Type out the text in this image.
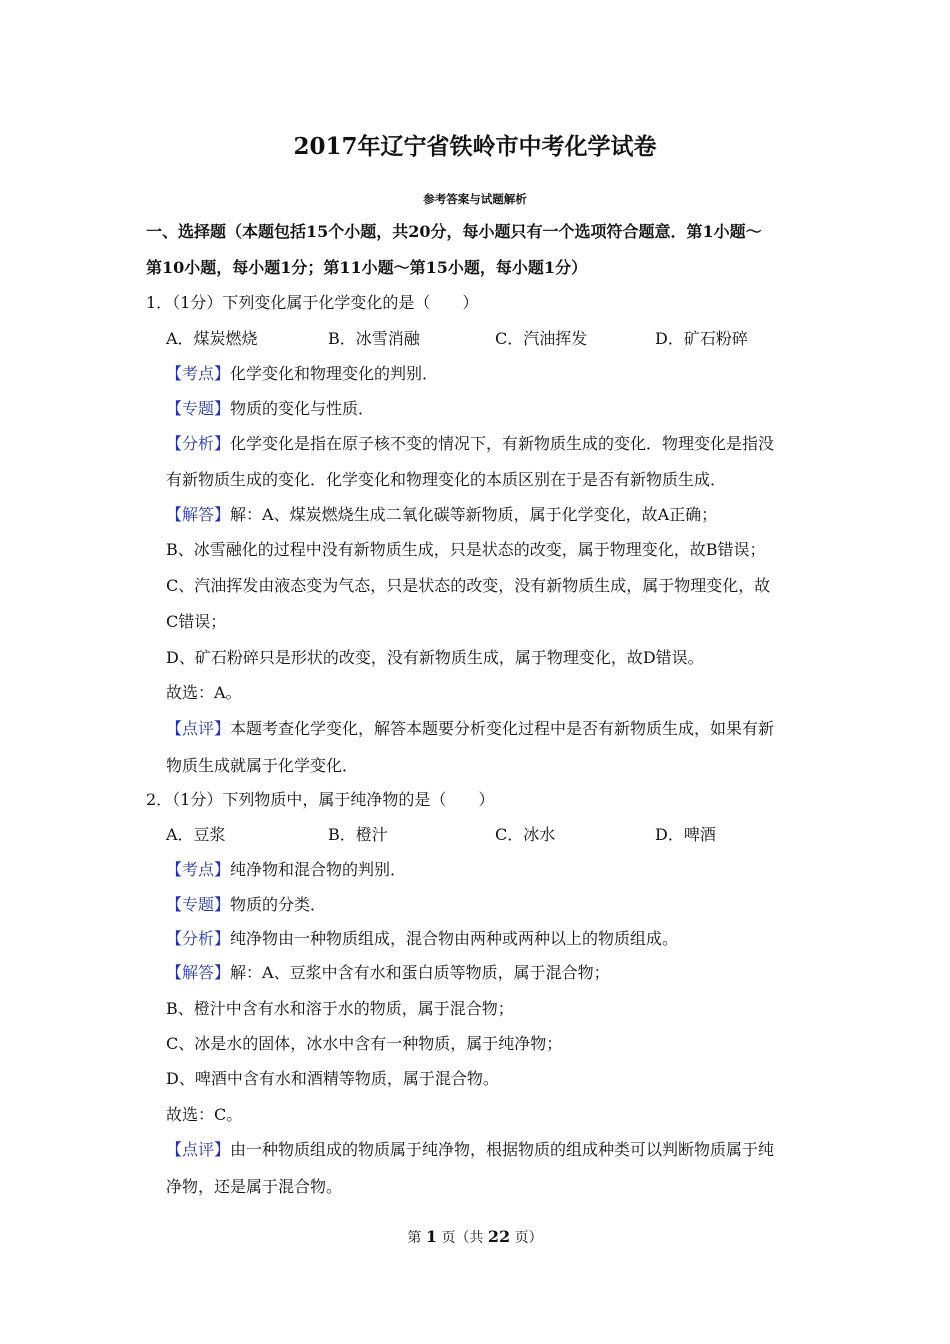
2017年辽宁省铁岭市中考化学试卷
参考答案与试题解析
一、选择题（本题包括15个小题，共20分，每小题只有一个选项符合题意．第1小题～
第10小题，每小题1分；第11小题～第15小题，每小题1分）
1．（1分）下列变化属于化学变化的是（　　）
A．煤炭燃烧	B．冰雪消融	C．汽油挥发	D．矿石粉碎
【考点】化学变化和物理变化的判别．
【专题】物质的变化与性质．
【分析】化学变化是指在原子核不变的情况下，有新物质生成的变化．物理变化是指没
有新物质生成的变化．化学变化和物理变化的本质区别在于是否有新物质生成．
【解答】解：A、煤炭燃烧生成二氧化碳等新物质，属于化学变化，故A正确；
B、冰雪融化的过程中没有新物质生成，只是状态的改变，属于物理变化，故B错误；
C、汽油挥发由液态变为气态，只是状态的改变，没有新物质生成，属于物理变化，故
C错误；
D、矿石粉碎只是形状的改变，没有新物质生成，属于物理变化，故D错误。
故选：A。
【点评】本题考查化学变化，解答本题要分析变化过程中是否有新物质生成，如果有新
物质生成就属于化学变化．
2．（1分）下列物质中，属于纯净物的是（　　）
A．豆浆	B．橙汁	C．冰水	D．啤酒
【考点】纯净物和混合物的判别．
【专题】物质的分类．
【分析】纯净物由一种物质组成，混合物由两种或两种以上的物质组成。
【解答】解：A、豆浆中含有水和蛋白质等物质，属于混合物；
B、橙汁中含有水和溶于水的物质，属于混合物；
C、冰是水的固体，冰水中含有一种物质，属于纯净物；
D、啤酒中含有水和酒精等物质，属于混合物。
故选：C。
【点评】由一种物质组成的物质属于纯净物，根据物质的组成种类可以判断物质属于纯
净物，还是属于混合物。
第 1 页（共 22 页）
